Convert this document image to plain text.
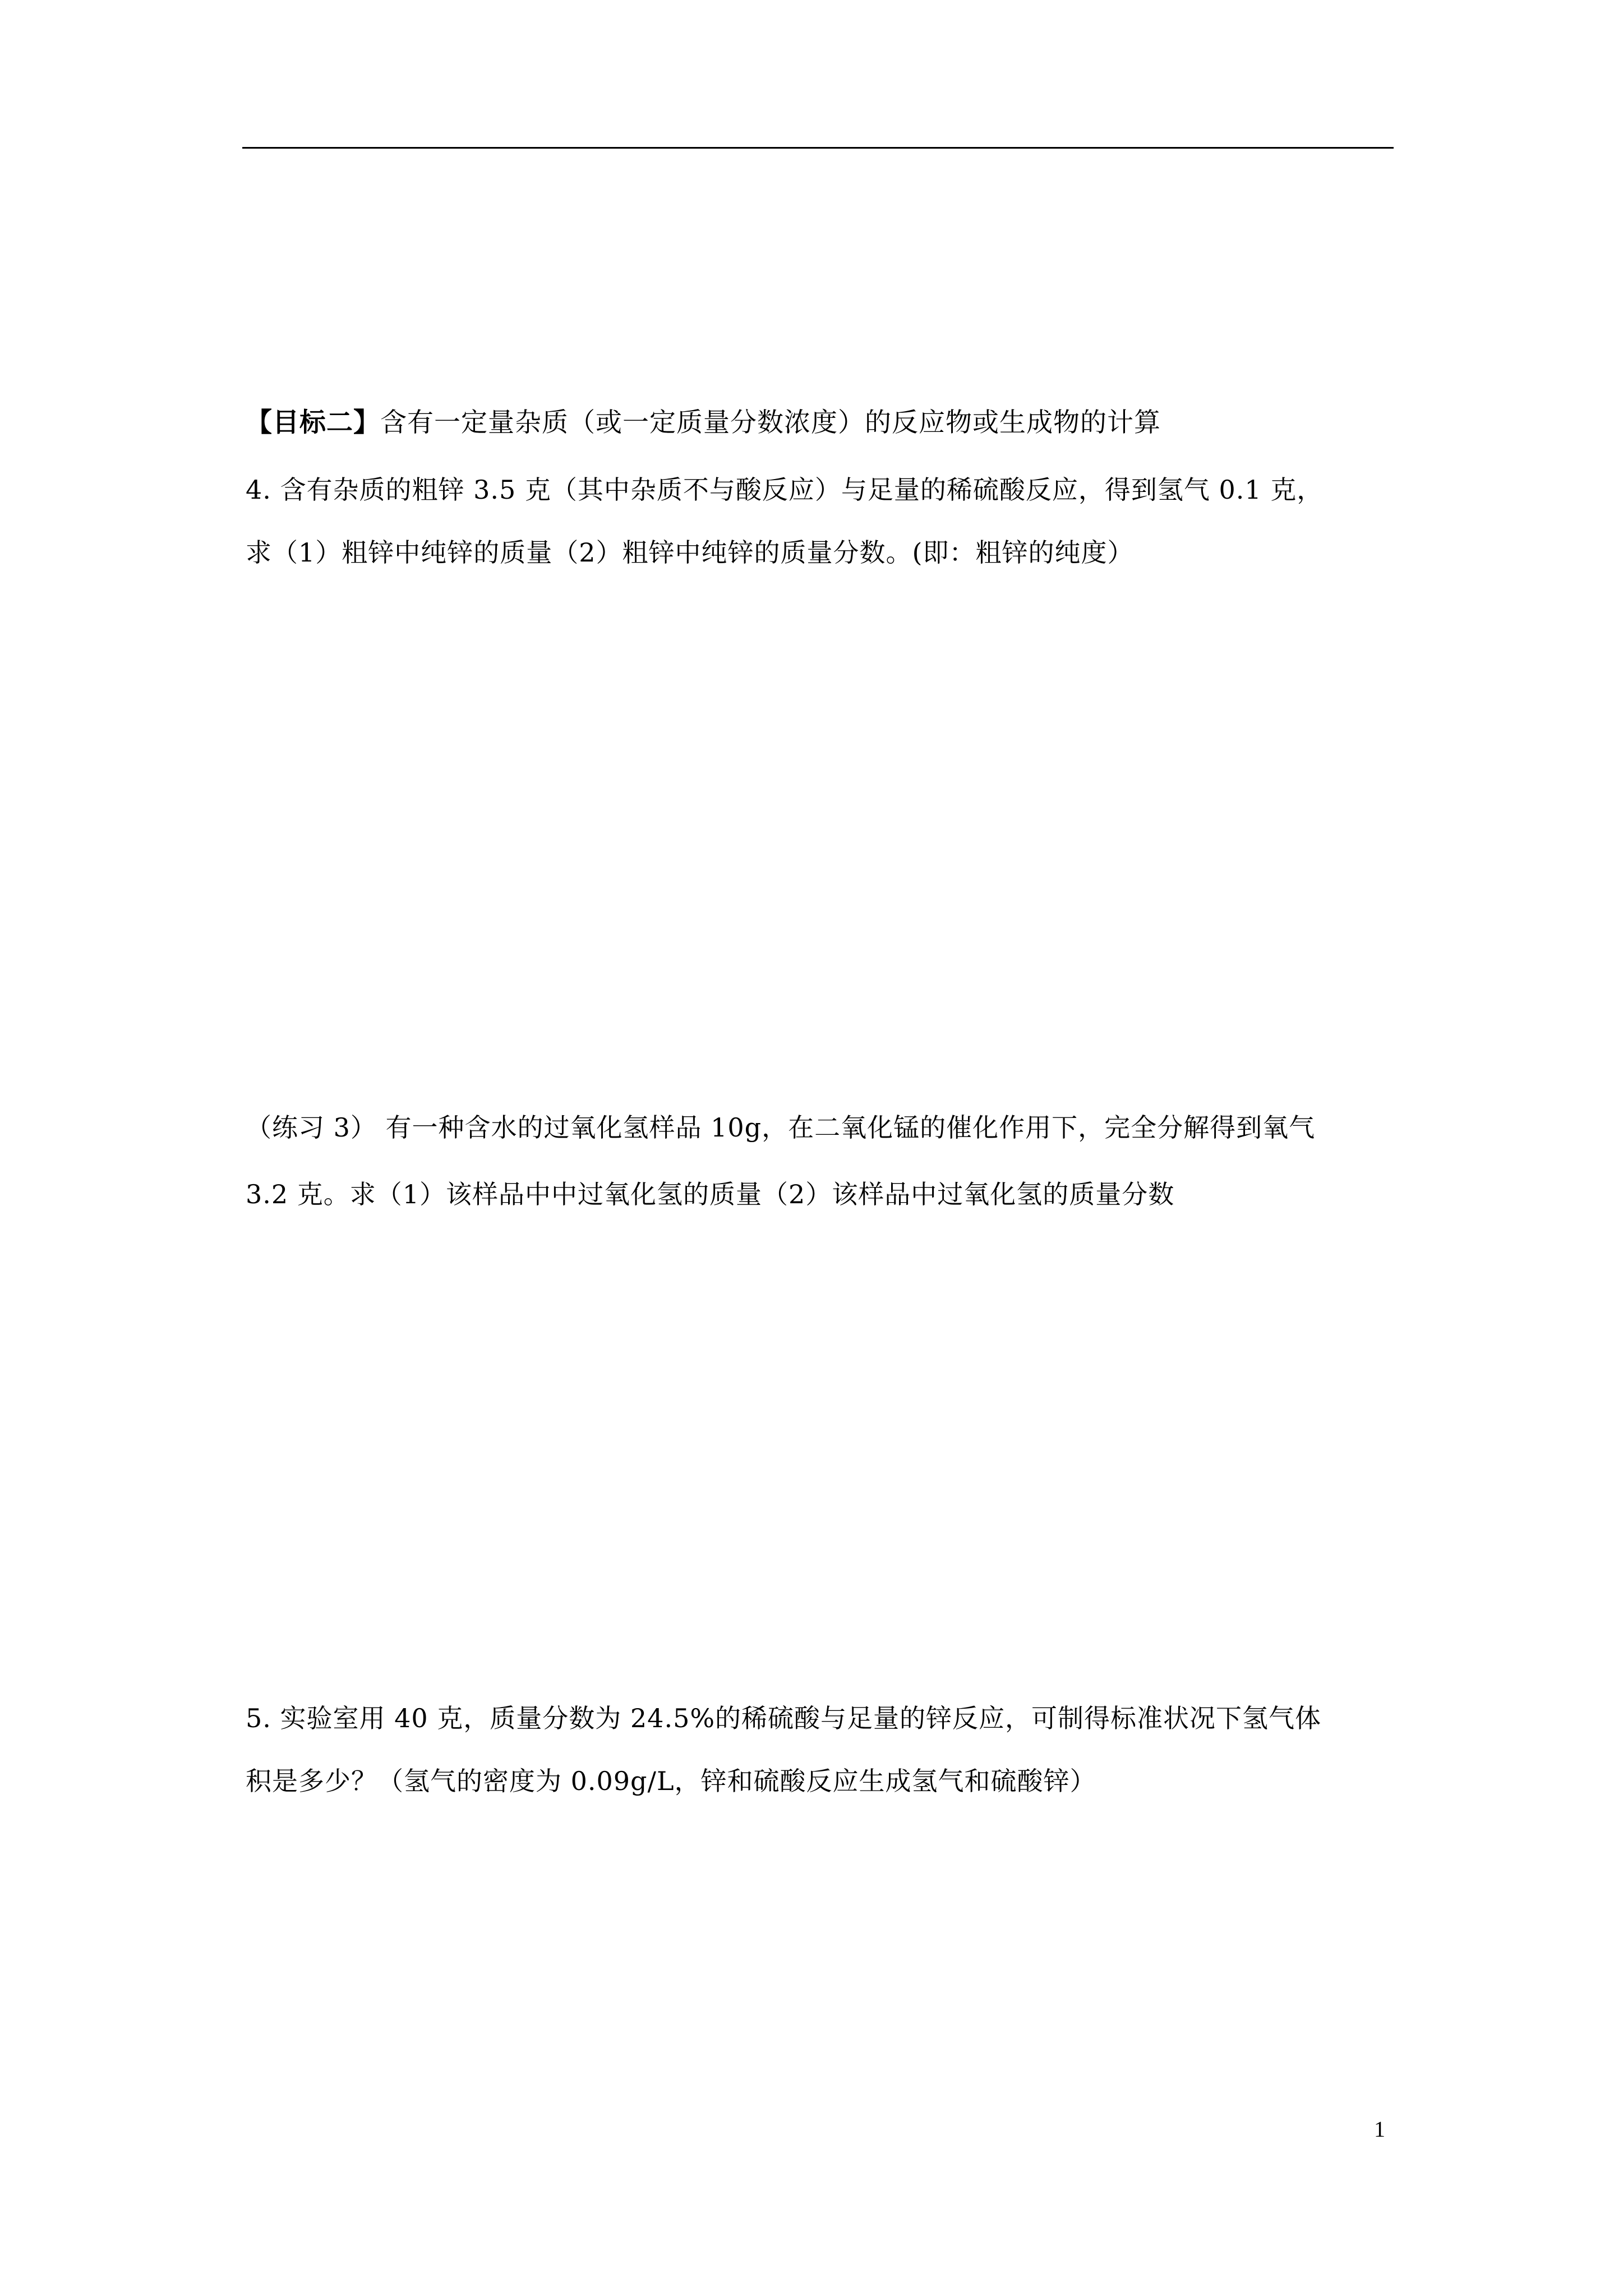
【目标二】含有一定量杂质（或一定质量分数浓度）的反应物或生成物的计算
4. 含有杂质的粗锌 3.5 克（其中杂质不与酸反应）与足量的稀硫酸反应，得到氢气 0.1 克，
求（1）粗锌中纯锌的质量（2）粗锌中纯锌的质量分数。(即：粗锌的纯度）
（练习 3） 有一种含水的过氧化氢样品 10g，在二氧化锰的催化作用下，完全分解得到氧气
3.2 克。求（1）该样品中中过氧化氢的质量（2）该样品中过氧化氢的质量分数
5. 实验室用 40 克，质量分数为 24.5%的稀硫酸与足量的锌反应，可制得标准状况下氢气体
积是多少？（氢气的密度为 0.09g/L，锌和硫酸反应生成氢气和硫酸锌）
1
